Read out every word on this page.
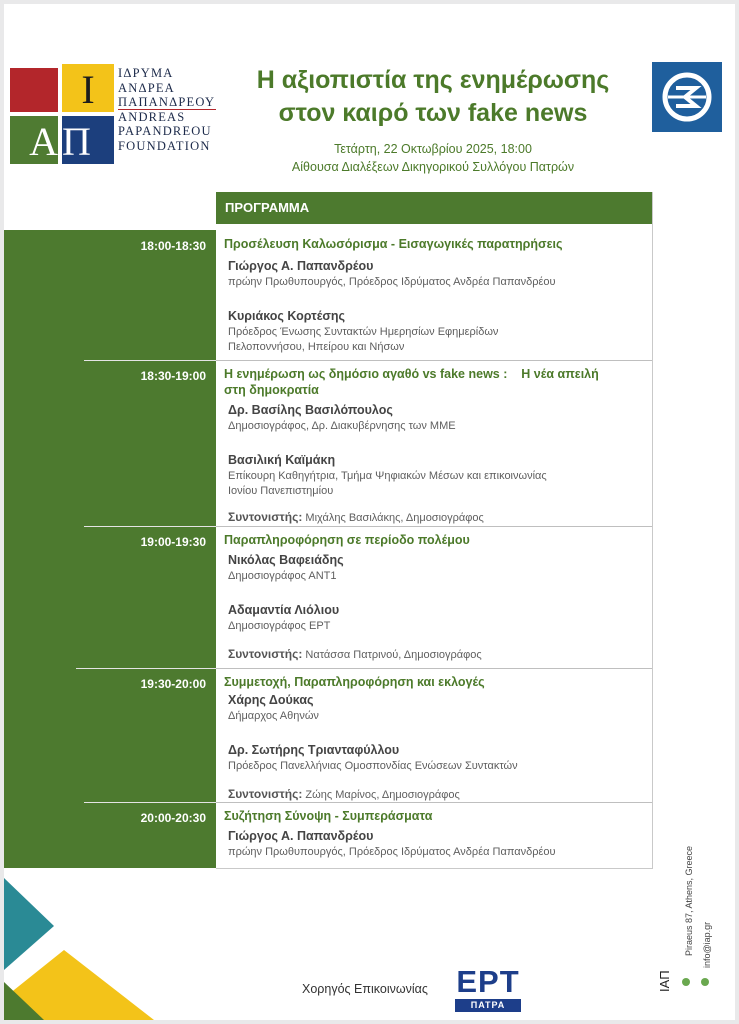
Ι
ΑΠ
ΙΔΡΥΜΑ
ΑΝΔΡΕΑ
ΠΑΠΑΝΔΡΕΟΥ
ANDREAS
PAPANDREOU
FOUNDATION
Η αξιοπιστία της ενημέρωσης
στον καιρό των fake news
Τετάρτη, 22 Οκτωβρίου 2025, 18:00
Αίθουσα Διαλέξεων Δικηγορικού Συλλόγου Πατρών
ΠΡΟΓΡΑΜΜΑ
18:00-18:30	Προσέλευση Καλωσόρισμα - Εισαγωγικές παρατηρήσεις
Γιώργος Α. Παπανδρέου
πρώην Πρωθυπουργός, Πρόεδρος Ιδρύματος Ανδρέα Παπανδρέου
Κυριάκος Κορτέσης
Πρόεδρος Ένωσης Συντακτών Ημερησίων Εφημερίδων
Πελοποννήσου, Ηπείρου και Νήσων
18:30-19:00	Η ενημέρωση ως δημόσιο αγαθό vs fake news :    Η νέα απειλή
στη δημοκρατία
Δρ. Βασίλης Βασιλόπουλος
Δημοσιογράφος, Δρ. Διακυβέρνησης των ΜΜΕ
Βασιλική Καϊμάκη
Επίκουρη Καθηγήτρια, Τμήμα Ψηφιακών Μέσων και επικοινωνίας
Ιονίου Πανεπιστημίου
Συντονιστής: Μιχάλης Βασιλάκης, Δημοσιογράφος
19:00-19:30	Παραπληροφόρηση σε περίοδο πολέμου
Νικόλας Βαφειάδης
Δημοσιογράφος ΑΝΤ1
Αδαμαντία Λιόλιου
Δημοσιογράφος ΕΡΤ
Συντονιστής: Νατάσσα Πατρινού, Δημοσιογράφος
19:30-20:00	Συμμετοχή, Παραπληροφόρηση και εκλογές
Χάρης Δούκας
Δήμαρχος Αθηνών
Δρ. Σωτήρης Τριανταφύλλου
Πρόεδρος Πανελλήνιας Ομοσπονδίας Ενώσεων Συντακτών
Συντονιστής: Ζώης Μαρίνος, Δημοσιογράφος
20:00-20:30	Συζήτηση Σύνοψη - Συμπεράσματα
Γιώργος Α. Παπανδρέου
πρώην Πρωθυπουργός, Πρόεδρος Ιδρύματος Ανδρέα Παπανδρέου
Χορηγός Επικοινωνίας ΕΡΤ
ΠΑΤΡΑ
ΙΑΠ
Piraeus 87, Athens, Greece info@iap.gr
